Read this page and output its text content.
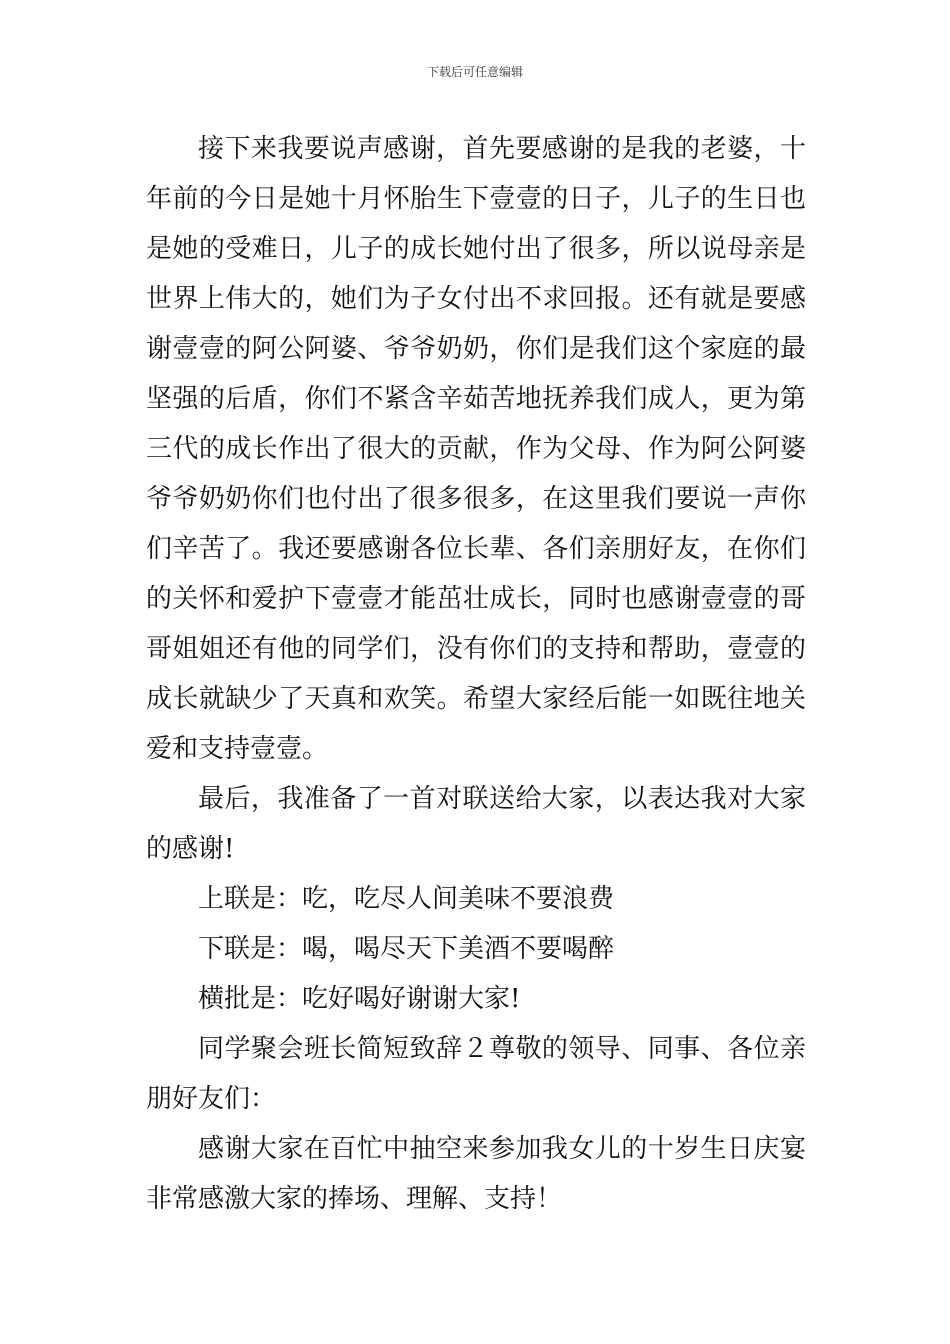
下载后可任意编辑

接下来我要说声感谢，首先要感谢的是我的老婆，十年前的今日是她十月怀胎生下壹壹的日子，儿子的生日也是她的受难日，儿子的成长她付出了很多，所以说母亲是世界上伟大的，她们为子女付出不求回报。还有就是要感谢壹壹的阿公阿婆、爷爷奶奶，你们是我们这个家庭的最坚强的后盾，你们不紧含辛茹苦地抚养我们成人，更为第三代的成长作出了很大的贡献，作为父母、作为阿公阿婆爷爷奶奶你们也付出了很多很多，在这里我们要说一声你们辛苦了。我还要感谢各位长辈、各们亲朋好友，在你们的关怀和爱护下壹壹才能茁壮成长，同时也感谢壹壹的哥哥姐姐还有他的同学们，没有你们的支持和帮助，壹壹的成长就缺少了天真和欢笑。希望大家经后能一如既往地关爱和支持壹壹。

最后，我准备了一首对联送给大家，以表达我对大家的感谢!

上联是：吃，吃尽人间美味不要浪费

下联是：喝，喝尽天下美酒不要喝醉

横批是：吃好喝好谢谢大家!

同学聚会班长简短致辞２尊敬的领导、同事、各位亲朋好友们：

感谢大家在百忙中抽空来参加我女儿的十岁生日庆宴非常感激大家的捧场、理解、支持！
